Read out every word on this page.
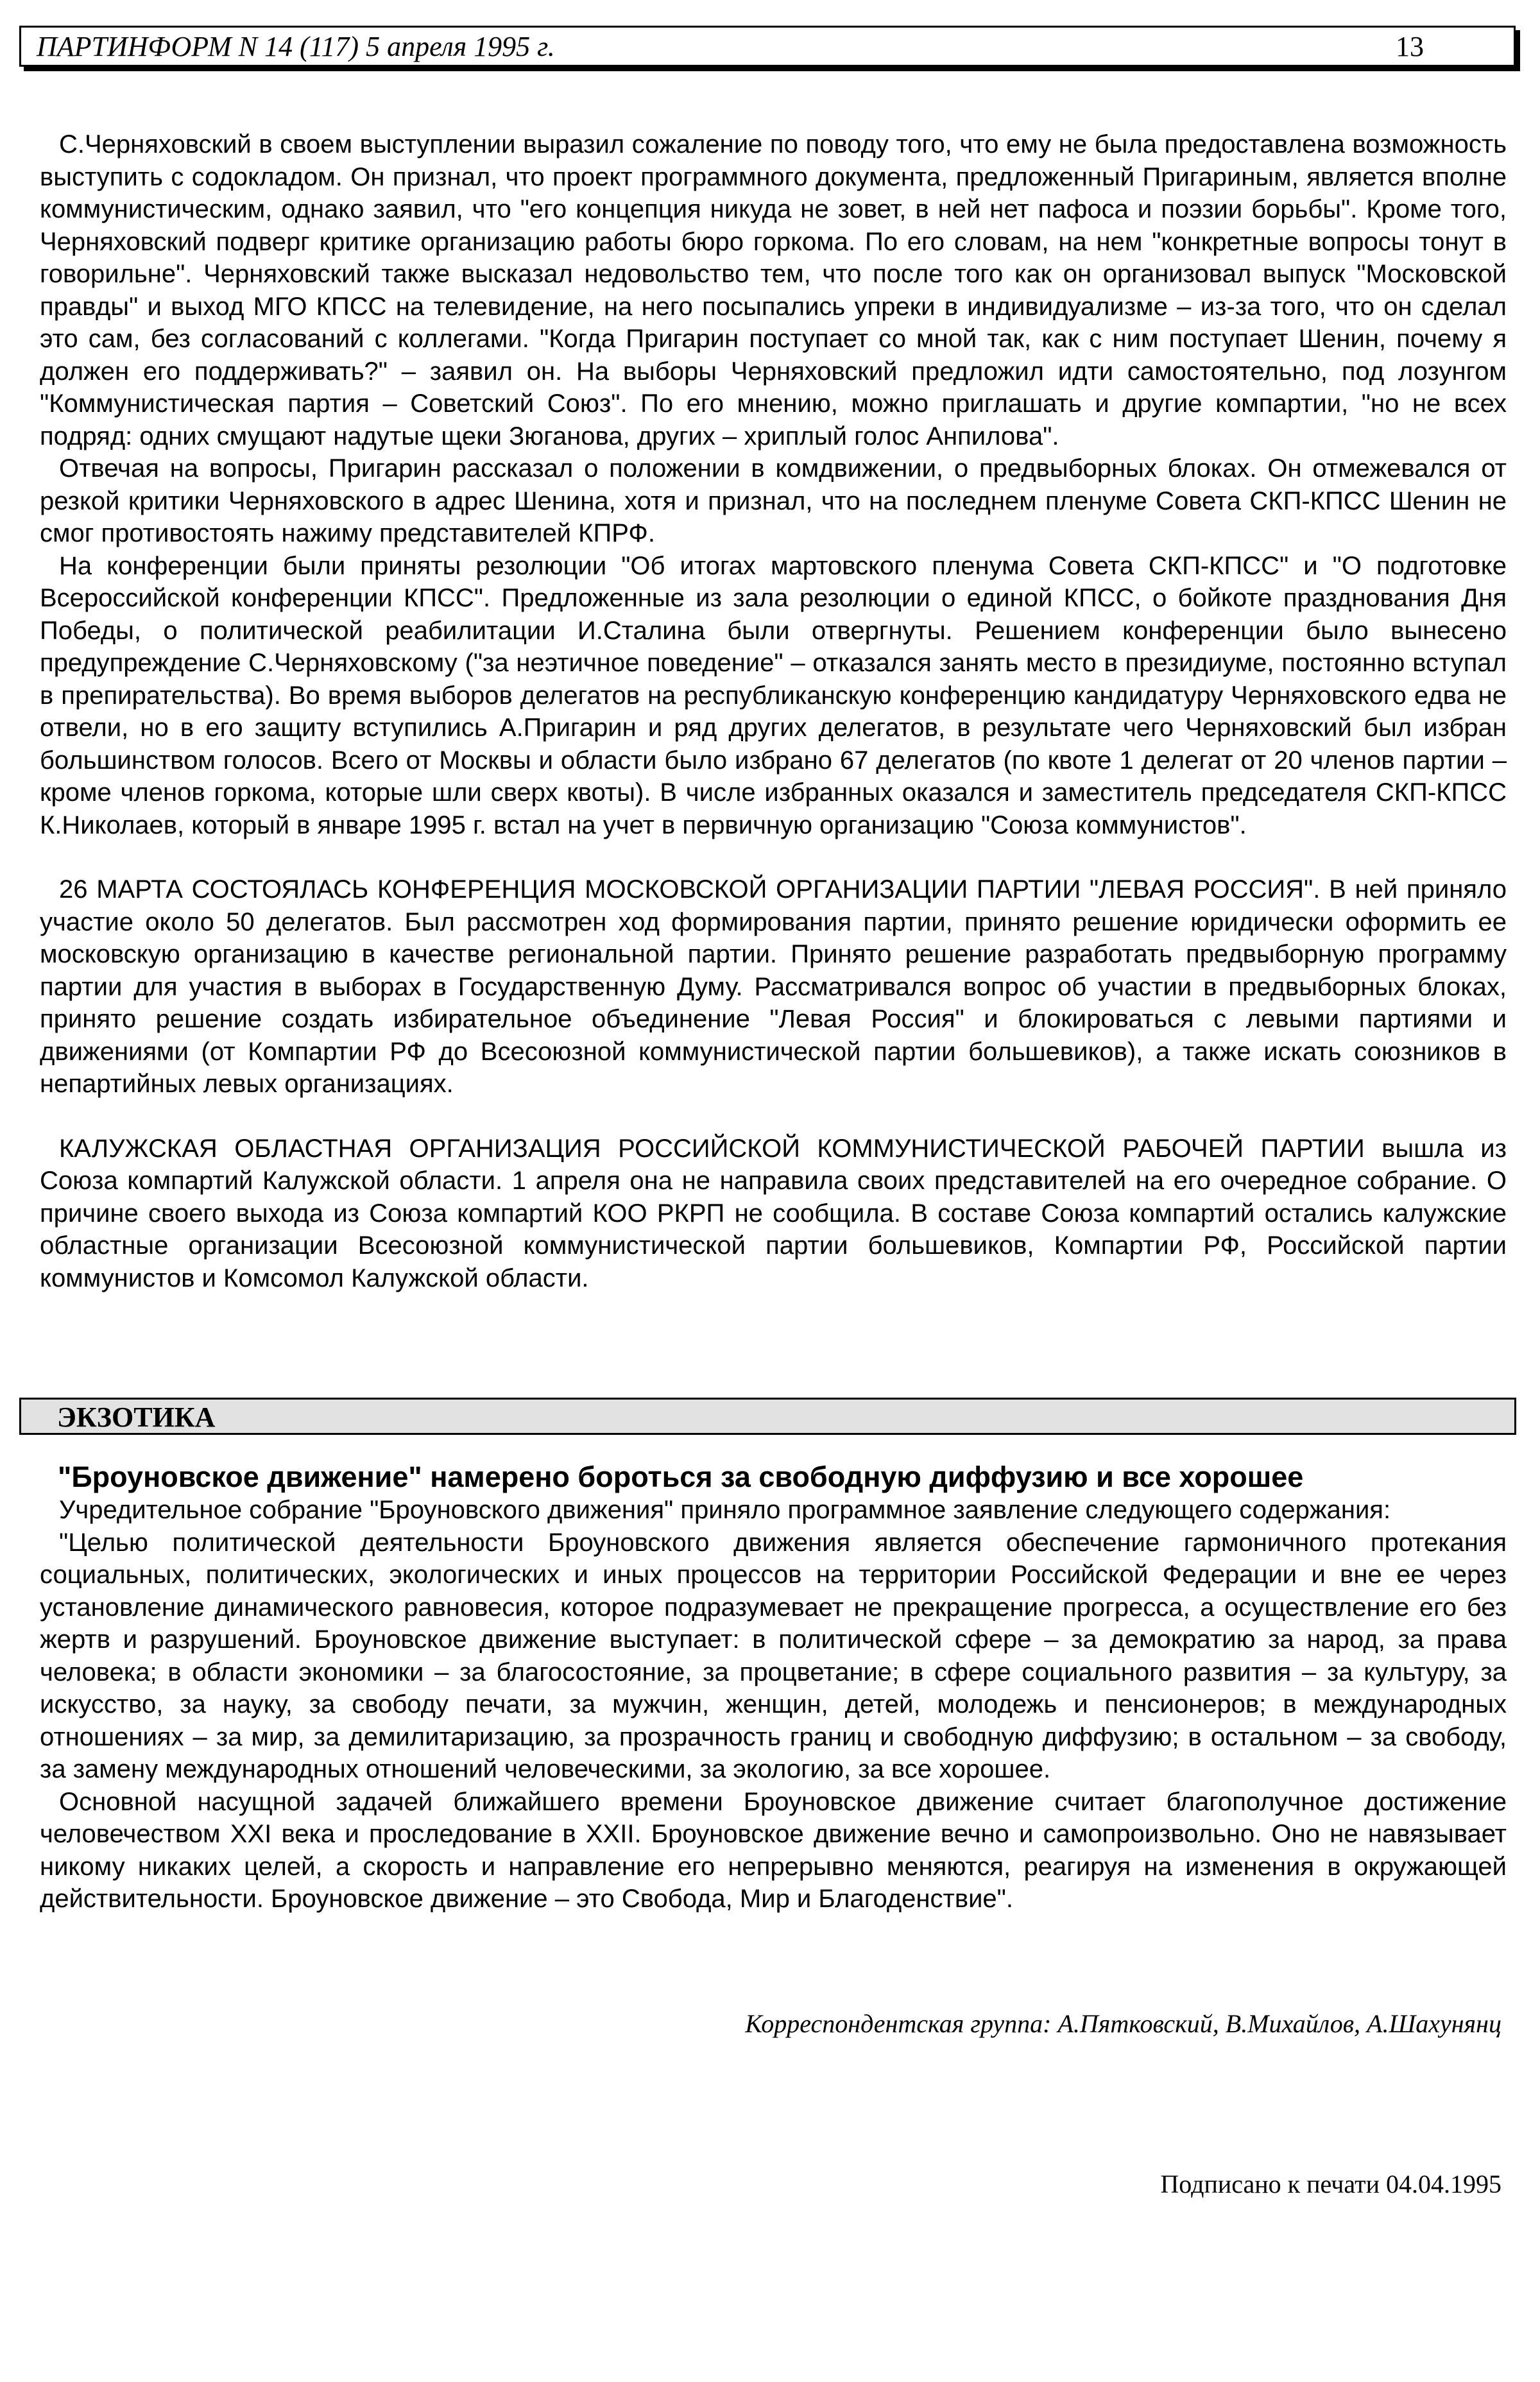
ПАРТИНФОРМ N 14 (117) 5 апреля 1995 г.	13

С.Черняховский в своем выступлении выразил сожаление по поводу того, что ему не была предоставлена возможность выступить с содокладом. Он признал, что проект программного документа, предложенный Пригариным, является вполне коммунистическим, однако заявил, что "его концепция никуда не зовет, в ней нет пафоса и поэзии борьбы". Кроме того, Черняховский подверг критике организацию работы бюро горкома. По его словам, на нем "конкретные вопросы тонут в говорильне". Черняховский также высказал недовольство тем, что после того как он организовал выпуск "Московской правды" и выход МГО КПСС на телевидение, на него посыпались упреки в индивидуализме – из-за того, что он сделал это сам, без согласований с коллегами. "Когда Пригарин поступает со мной так, как с ним поступает Шенин, почему я должен его поддерживать?" – заявил он. На выборы Черняховский предложил идти самостоятельно, под лозунгом "Коммунистическая партия – Советский Союз". По его мнению, можно приглашать и другие компартии, "но не всех подряд: одних смущают надутые щеки Зюганова, других – хриплый голос Анпилова".

Отвечая на вопросы, Пригарин рассказал о положении в комдвижении, о предвыборных блоках. Он отмежевался от резкой критики Черняховского в адрес Шенина, хотя и признал, что на последнем пленуме Совета СКП-КПСС Шенин не смог противостоять нажиму представителей КПРФ.

На конференции были приняты резолюции "Об итогах мартовского пленума Совета СКП-КПСС" и "О подготовке Всероссийской конференции КПСС". Предложенные из зала резолюции о единой КПСС, о бойкоте празднования Дня Победы, о политической реабилитации И.Сталина были отвергнуты. Решением конференции было вынесено предупреждение С.Черняховскому ("за неэтичное поведение" – отказался занять место в президиуме, постоянно вступал в препирательства). Во время выборов делегатов на республиканскую конференцию кандидатуру Черняховского едва не отвели, но в его защиту вступились А.Пригарин и ряд других делегатов, в результате чего Черняховский был избран большинством голосов. Всего от Москвы и области было избрано 67 делегатов (по квоте 1 делегат от 20 членов партии – кроме членов горкома, которые шли сверх квоты). В числе избранных оказался и заместитель председателя СКП-КПСС К.Николаев, который в январе 1995 г. встал на учет в первичную организацию "Союза коммунистов".

26 МАРТА СОСТОЯЛАСЬ КОНФЕРЕНЦИЯ МОСКОВСКОЙ ОРГАНИЗАЦИИ ПАРТИИ "ЛЕВАЯ РОССИЯ". В ней приняло участие около 50 делегатов. Был рассмотрен ход формирования партии, принято решение юридически оформить ее московскую организацию в качестве региональной партии. Принято решение разработать предвыборную программу партии для участия в выборах в Государственную Думу. Рассматривался вопрос об участии в предвыборных блоках, принято решение создать избирательное объединение "Левая Россия" и блокироваться с левыми партиями и движениями (от Компартии РФ до Всесоюзной коммунистической партии большевиков), а также искать союзников в непартийных левых организациях.

КАЛУЖСКАЯ ОБЛАСТНАЯ ОРГАНИЗАЦИЯ РОССИЙСКОЙ КОММУНИСТИЧЕСКОЙ РАБОЧЕЙ ПАРТИИ вышла из Союза компартий Калужской области. 1 апреля она не направила своих представителей на его очередное собрание. О причине своего выхода из Союза компартий КОО РКРП не сообщила. В составе Союза компартий остались калужские областные организации Всесоюзной коммунистической партии большевиков, Компартии РФ, Российской партии коммунистов и Комсомол Калужской области.

ЭКЗОТИКА
"Броуновское движение" намерено бороться за свободную диффузию и все хорошее

Учредительное собрание "Броуновского движения" приняло программное заявление следующего содержания:

"Целью политической деятельности Броуновского движения является обеспечение гармоничного протекания социальных, политических, экологических и иных процессов на территории Российской Федерации и вне ее через установление динамического равновесия, которое подразумевает не прекращение прогресса, а осуществление его без жертв и разрушений. Броуновское движение выступает: в политической сфере – за демократию за народ, за права человека; в области экономики – за благосостояние, за процветание; в сфере социального развития – за культуру, за искусство, за науку, за свободу печати, за мужчин, женщин, детей, молодежь и пенсионеров; в международных отношениях – за мир, за демилитаризацию, за прозрачность границ и свободную диффузию; в остальном – за свободу, за замену международных отношений человеческими, за экологию, за все хорошее.

Основной насущной задачей ближайшего времени Броуновское движение считает благополучное достижение человечеством XXI века и проследование в XXII. Броуновское движение вечно и самопроизвольно. Оно не навязывает никому никаких целей, а скорость и направление его непрерывно меняются, реагируя на изменения в окружающей действительности. Броуновское движение – это Свобода, Мир и Благоденствие".

Корреспондентская группа: А.Пятковский, В.Михайлов, А.Шахунянц
Подписано к печати 04.04.1995
